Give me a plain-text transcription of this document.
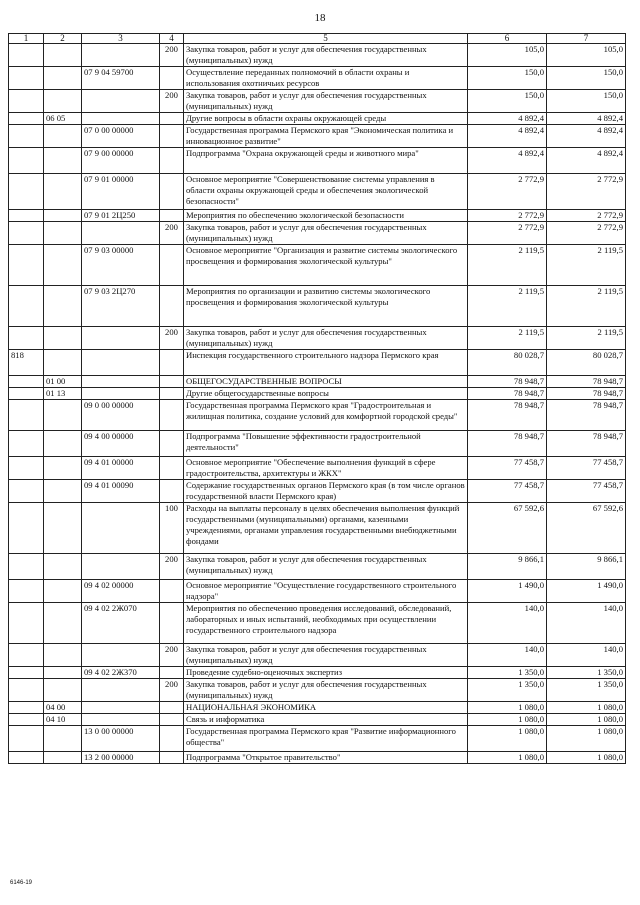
18
1	2	3	4	5	6	7
			200	Закупка товаров, работ и услуг для обеспечения государственных (муниципальных) нужд	105,0	105,0
		07 9 04 59700		Осуществление переданных полномочий в области охраны и использования охотничьих ресурсов	150,0	150,0
			200	Закупка товаров, работ и услуг для обеспечения государственных (муниципальных) нужд	150,0	150,0
	06 05			Другие вопросы в области охраны окружающей среды	4 892,4	4 892,4
		07 0 00 00000		Государственная программа Пермского края "Экономическая политика и инновационное развитие"	4 892,4	4 892,4
		07 9 00 00000		Подпрограмма "Охрана окружающей среды и животного мира"	4 892,4	4 892,4
		07 9 01 00000		Основное мероприятие "Совершенствование системы управления в области охраны окружающей среды и обеспечения экологической безопасности"	2 772,9	2 772,9
		07 9 01 2Ц250		Мероприятия по обеспечению экологической безопасности	2 772,9	2 772,9
			200	Закупка товаров, работ и услуг для обеспечения государственных (муниципальных) нужд	2 772,9	2 772,9
		07 9 03 00000		Основное мероприятие "Организация и развитие системы экологического просвещения и формирования экологической культуры"	2 119,5	2 119,5
		07 9 03 2Ц270		Мероприятия по организации и развитию системы экологического просвещения и формирования экологической культуры	2 119,5	2 119,5
			200	Закупка товаров, работ и услуг для обеспечения государственных (муниципальных) нужд	2 119,5	2 119,5
818				Инспекция государственного строительного надзора Пермского края	80 028,7	80 028,7
	01 00			ОБЩЕГОСУДАРСТВЕННЫЕ ВОПРОСЫ	78 948,7	78 948,7
	01 13			Другие общегосударственные вопросы	78 948,7	78 948,7
		09 0 00 00000		Государственная программа Пермского края "Градостроительная и жилищная политика, создание условий для комфортной городской среды"	78 948,7	78 948,7
		09 4 00 00000		Подпрограмма "Повышение эффективности градостроительной деятельности"	78 948,7	78 948,7
		09 4 01 00000		Основное мероприятие "Обеспечение выполнения функций в сфере градостроительства, архитектуры и ЖКХ"	77 458,7	77 458,7
		09 4 01 00090		Содержание государственных органов Пермского края (в том числе органов государственной власти Пермского края)	77 458,7	77 458,7
			100	Расходы на выплаты персоналу в целях обеспечения выполнения функций государственными (муниципальными) органами, казенными учреждениями, органами управления государственными внебюджетными фондами	67 592,6	67 592,6
			200	Закупка товаров, работ и услуг для обеспечения государственных (муниципальных) нужд	9 866,1	9 866,1
		09 4 02 00000		Основное мероприятие "Осуществление государственного строительного надзора"	1 490,0	1 490,0
		09 4 02 2Ж070		Мероприятия по обеспечению проведения исследований, обследований, лабораторных и иных испытаний, необходимых при осуществлении государственного строительного надзора	140,0	140,0
			200	Закупка товаров, работ и услуг для обеспечения государственных (муниципальных) нужд	140,0	140,0
		09 4 02 2Ж370		Проведение судебно-оценочных экспертиз	1 350,0	1 350,0
			200	Закупка товаров, работ и услуг для обеспечения государственных (муниципальных) нужд	1 350,0	1 350,0
	04 00			НАЦИОНАЛЬНАЯ ЭКОНОМИКА	1 080,0	1 080,0
	04 10			Связь и информатика	1 080,0	1 080,0
		13 0 00 00000		Государственная программа Пермского края "Развитие информационного общества"	1 080,0	1 080,0
		13 2 00 00000		Подпрограмма "Открытое правительство"	1 080,0	1 080,0
6146-19
